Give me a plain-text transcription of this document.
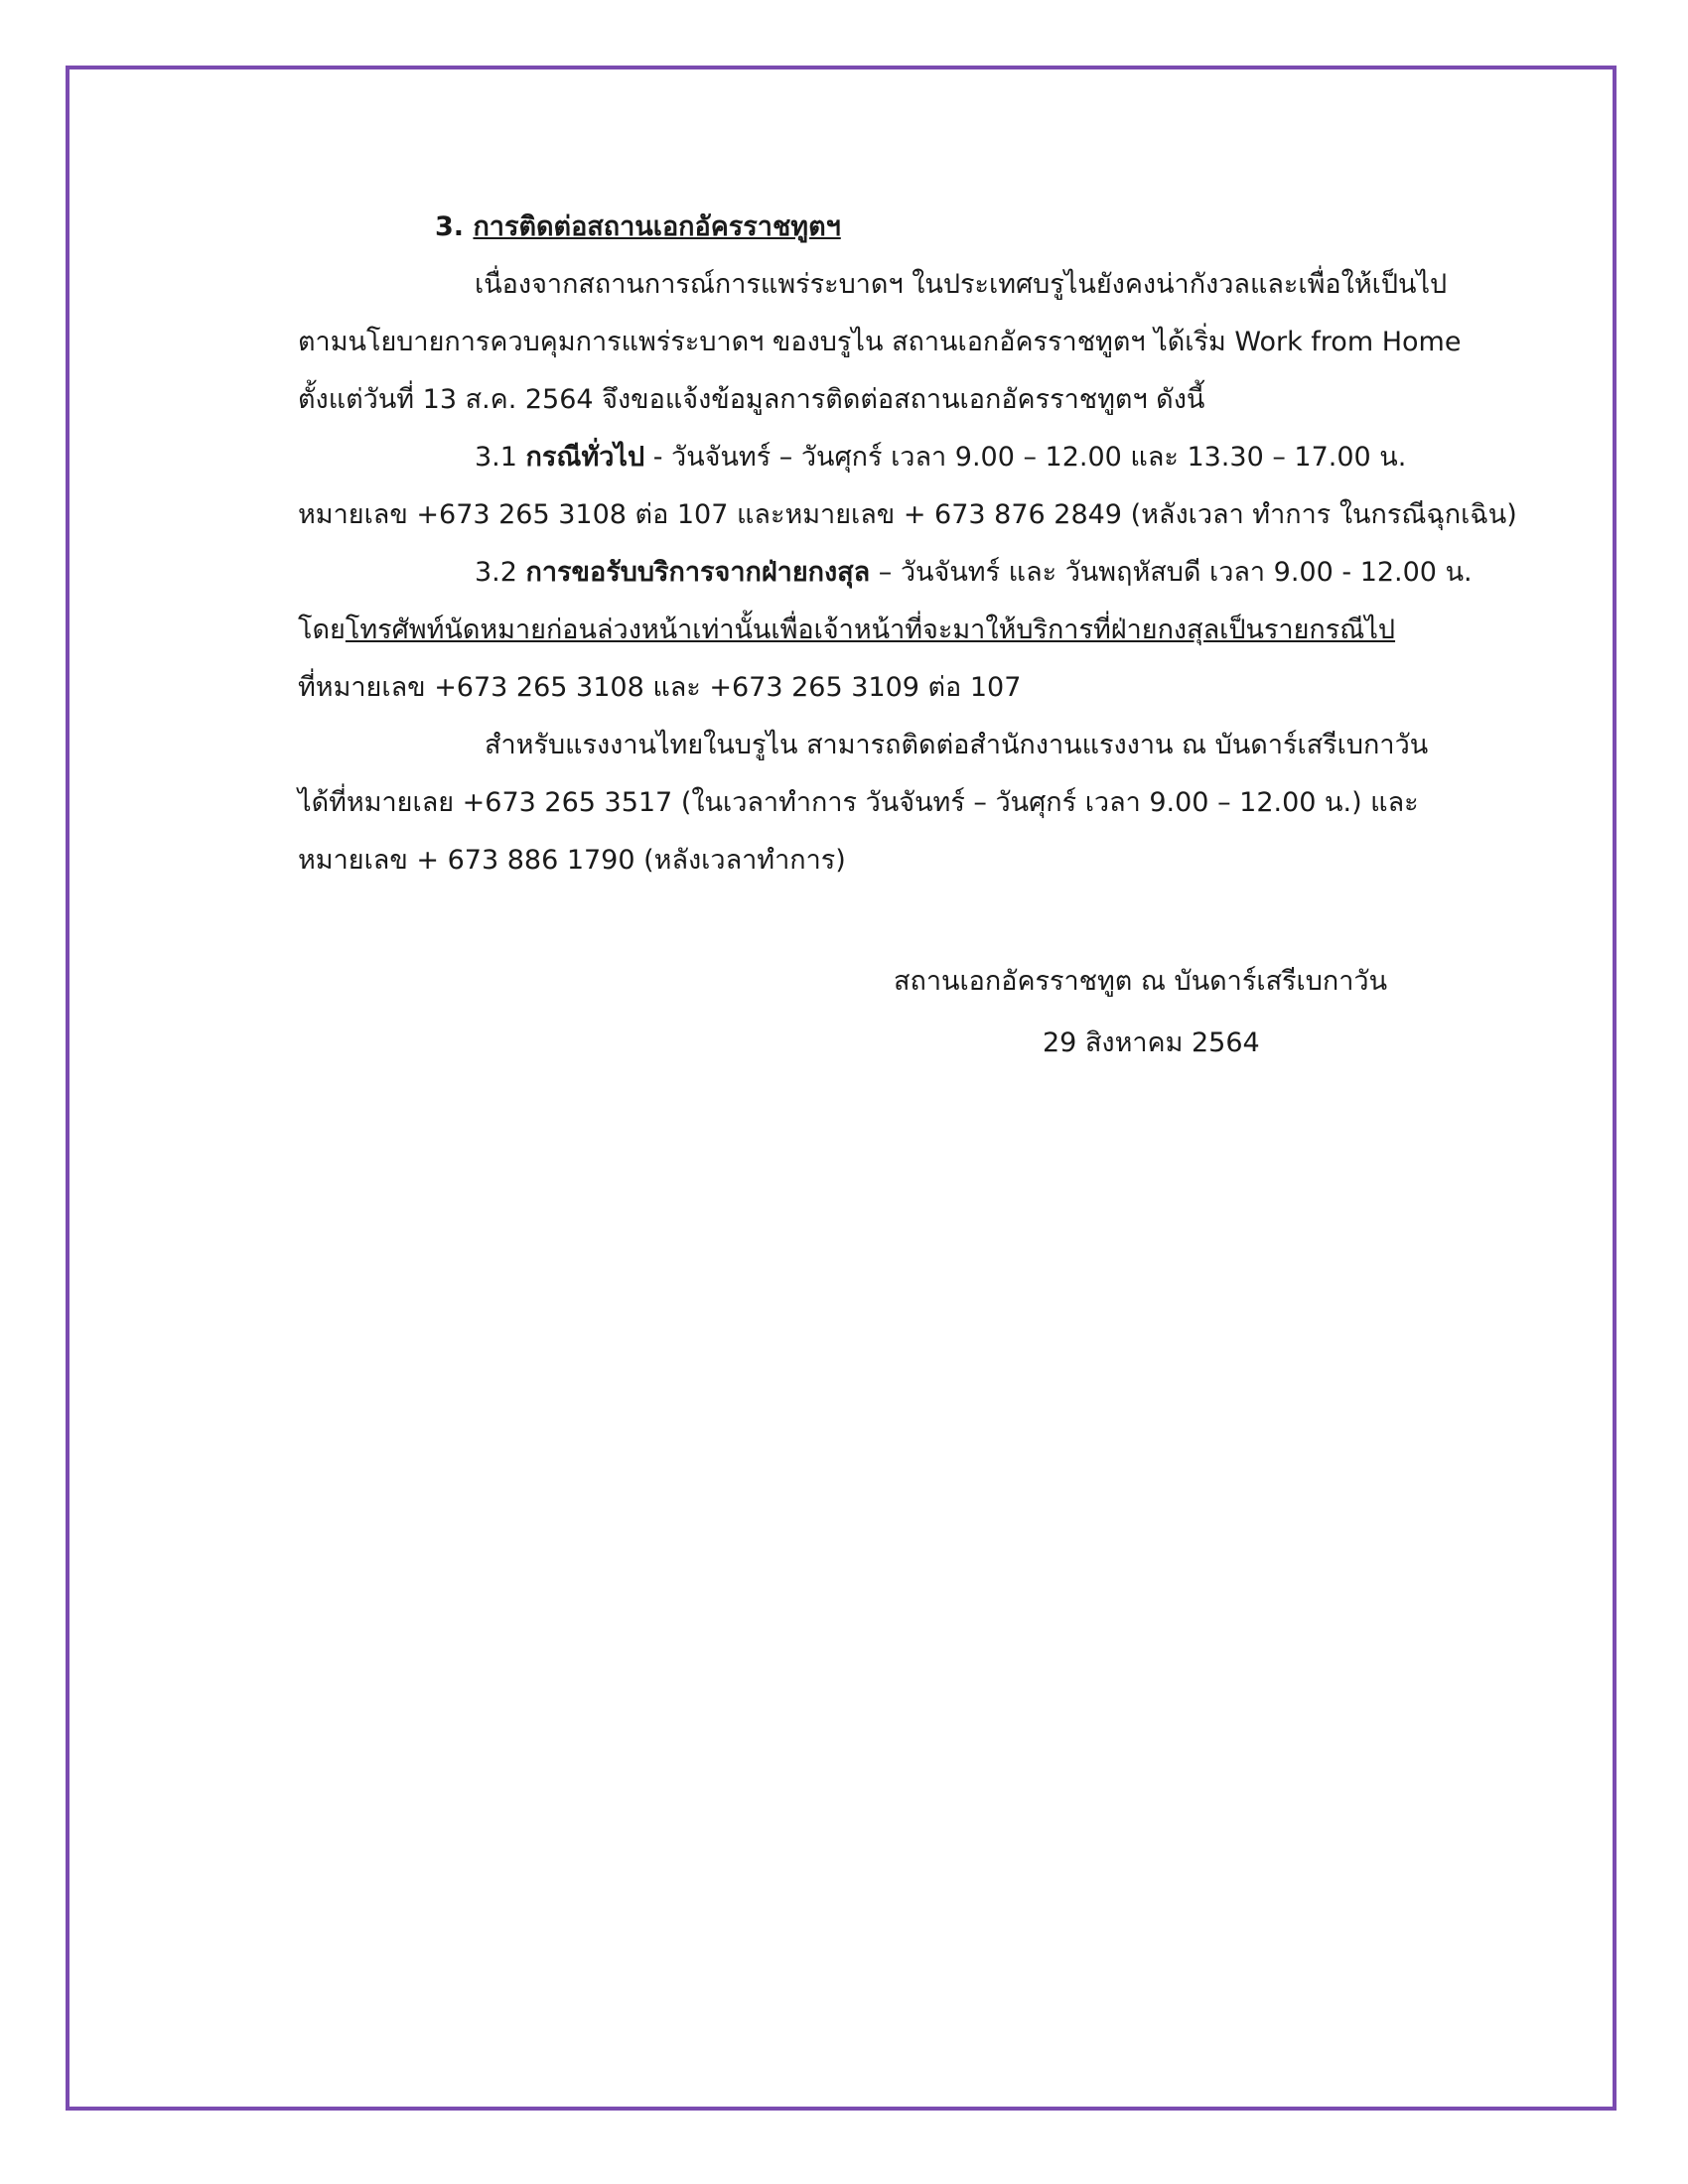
3. การติดต่อสถานเอกอัครราชทูตฯ
เนื่องจากสถานการณ์การแพร่ระบาดฯ ในประเทศบรูไนยังคงน่ากังวลและเพื่อให้เป็นไป
ตามนโยบายการควบคุมการแพร่ระบาดฯ ของบรูไน สถานเอกอัครราชทูตฯ ได้เริ่ม Work from Home
ตั้งแต่วันที่ 13 ส.ค. 2564 จึงขอแจ้งข้อมูลการติดต่อสถานเอกอัครราชทูตฯ ดังนี้
3.1 กรณีทั่วไป - วันจันทร์ – วันศุกร์ เวลา 9.00 – 12.00 และ 13.30 – 17.00 น.
หมายเลข +673 265 3108 ต่อ 107 และหมายเลข + 673 876 2849 (หลังเวลา ทำการ ในกรณีฉุกเฉิน)
3.2 การขอรับบริการจากฝ่ายกงสุล – วันจันทร์ และ วันพฤหัสบดี เวลา 9.00 - 12.00 น.
โดยโทรศัพท์นัดหมายก่อนล่วงหน้าเท่านั้นเพื่อเจ้าหน้าที่จะมาให้บริการที่ฝ่ายกงสุลเป็นรายกรณีไป
ที่หมายเลข +673 265 3108 และ +673 265 3109 ต่อ 107
สำหรับแรงงานไทยในบรูไน สามารถติดต่อสำนักงานแรงงาน ณ บันดาร์เสรีเบกาวัน
ได้ที่หมายเลย +673 265 3517 (ในเวลาทำการ วันจันทร์ – วันศุกร์ เวลา 9.00 – 12.00 น.) และ
หมายเลข + 673 886 1790 (หลังเวลาทำการ)
สถานเอกอัครราชทูต ณ บันดาร์เสรีเบกาวัน
29 สิงหาคม 2564
